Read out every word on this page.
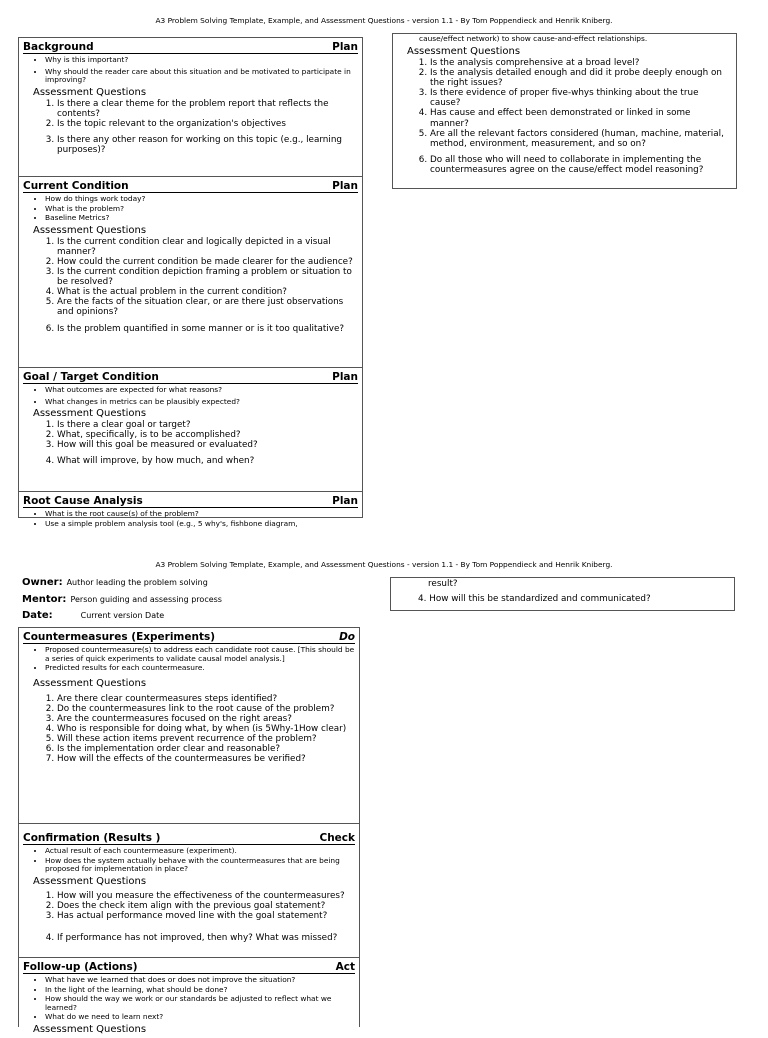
A3 Problem Solving Template, Example, and Assessment Questions - version 1.1 - By Tom Poppendieck and Henrik Kniberg.
Background	Plan
• Why is this important?
• Why should the reader care about this situation and be motivated to participate in improving?
Assessment Questions
1. Is there a clear theme for the problem report that reflects the contents?
2. Is the topic relevant to the organization's objectives
3. Is there any other reason for working on this topic (e.g., learning purposes)?
Current Condition	Plan
• How do things work today?
• What is the problem?
• Baseline Metrics?
Assessment Questions
1. Is the current condition clear and logically depicted in a visual manner?
2. How could the current condition be made clearer for the audience?
3. Is the current condition depiction framing a problem or situation to be resolved?
4. What is the actual problem in the current condition?
5. Are the facts of the situation clear, or are there just observations and opinions?
6. Is the problem quantified in some manner or is it too qualitative?
Goal / Target Condition	Plan
• What outcomes are expected for what reasons?
• What changes in metrics can be plausibly expected?
Assessment Questions
1. Is there a clear goal or target?
2. What, specifically, is to be accomplished?
3. How will this goal be measured or evaluated?
4. What will improve, by how much, and when?
Root Cause Analysis	Plan
• What is the root cause(s) of the problem?
• Use a simple problem analysis tool (e.g., 5 why's, fishbone diagram,
cause/effect network) to show cause-and-effect relationships.
Assessment Questions
1. Is the analysis comprehensive at a broad level?
2. Is the analysis detailed enough and did it probe deeply enough on the right issues?
3. Is there evidence of proper five-whys thinking about the true cause?
4. Has cause and effect been demonstrated or linked in some manner?
5. Are all the relevant factors considered (human, machine, material, method, environment, measurement, and so on?
6. Do all those who will need to collaborate in implementing the countermeasures agree on the cause/effect model reasoning?
A3 Problem Solving Template, Example, and Assessment Questions - version 1.1 - By Tom Poppendieck and Henrik Kniberg.
Owner: Author leading the problem solving
Mentor: Person guiding and assessing process
Date:	Current version Date
result?
4. How will this be standardized and communicated?
Countermeasures (Experiments)	Do
• Proposed countermeasure(s) to address each candidate root cause. [This should be a series of quick experiments to validate causal model analysis.]
• Predicted results for each countermeasure.
Assessment Questions
1. Are there clear countermeasures steps identified?
2. Do the countermeasures link to the root cause of the problem?
3. Are the countermeasures focused on the right areas?
4. Who is responsible for doing what, by when (is 5Why-1How clear)
5. Will these action items prevent recurrence of the problem?
6. Is the implementation order clear and reasonable?
7. How will the effects of the countermeasures be verified?
Confirmation (Results )	Check
• Actual result of each countermeasure (experiment).
• How does the system actually behave with the countermeasures that are being proposed for implementation in place?
Assessment Questions
1. How will you measure the effectiveness of the countermeasures?
2. Does the check item align with the previous goal statement?
3. Has actual performance moved line with the goal statement?
4. If performance has not improved, then why? What was missed?
Follow-up (Actions)	Act
• What have we learned that does or does not improve the situation?
• In the light of the learning, what should be done?
• How should the way we work or our standards be adjusted to reflect what we learned?
• What do we need to learn next?
Assessment Questions
